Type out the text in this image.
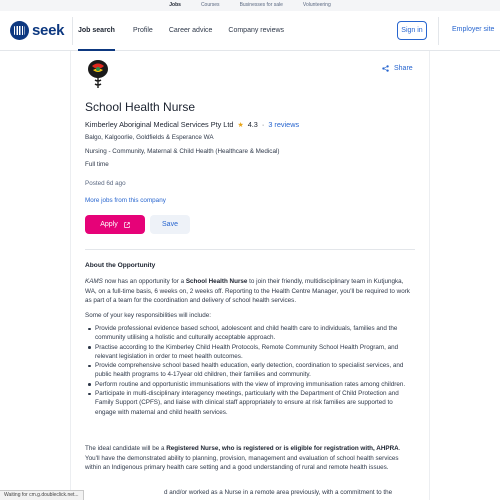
Jobs	Courses	Businesses for sale	Volunteering
seek Job search	Profile	Career advice	Company reviews	Sign in	Employer site
Share
School Health Nurse
Kimberley Aboriginal Medical Services Pty Ltd ★ 4.3 · 3 reviews
Balgo, Kalgoorlie, Goldfields & Esperance WA
Nursing - Community, Maternal & Child Health (Healthcare & Medical)
Full time
Posted 6d ago
More jobs from this company
Apply	Save
About the Opportunity

KAMS now has an opportunity for a School Health Nurse to join their friendly, multidisciplinary team in Kutjungka, WA, on a full-time basis, 6 weeks on, 2 weeks off. Reporting to the Health Centre Manager, you'll be required to work as part of a team for the coordination and delivery of school health services.

Some of your key responsibilities will include:

Provide professional evidence based school, adolescent and child health care to individuals, families and the community utilising a holistic and culturally acceptable approach.
Practise according to the Kimberley Child Health Protocols, Remote Community School Health Program, and relevant legislation in order to meet health outcomes.
Provide comprehensive school based health education, early detection, coordination to specialist services, and public health programs to 4-17year old children, their families and community.
Perform routine and opportunistic immunisations with the view of improving immunisation rates among children.
Participate in multi-disciplinary interagency meetings, particularly with the Department of Child Protection and Family Support (CPFS), and liaise with clinical staff appropriately to ensure at risk families are supported to engage with maternal and child health services.

The ideal candidate will be a Registered Nurse, who is registered or is eligible for registration with, AHPRA. You'll have the demonstrated ability to planning, provision, management and evaluation of school health services within an Indigenous primary health care setting and a good understanding of rural and remote health issues.

d and/or worked as a Nurse in a remote area previously, with a commitment to the

Waiting for cm.g.doubleclick.net...
